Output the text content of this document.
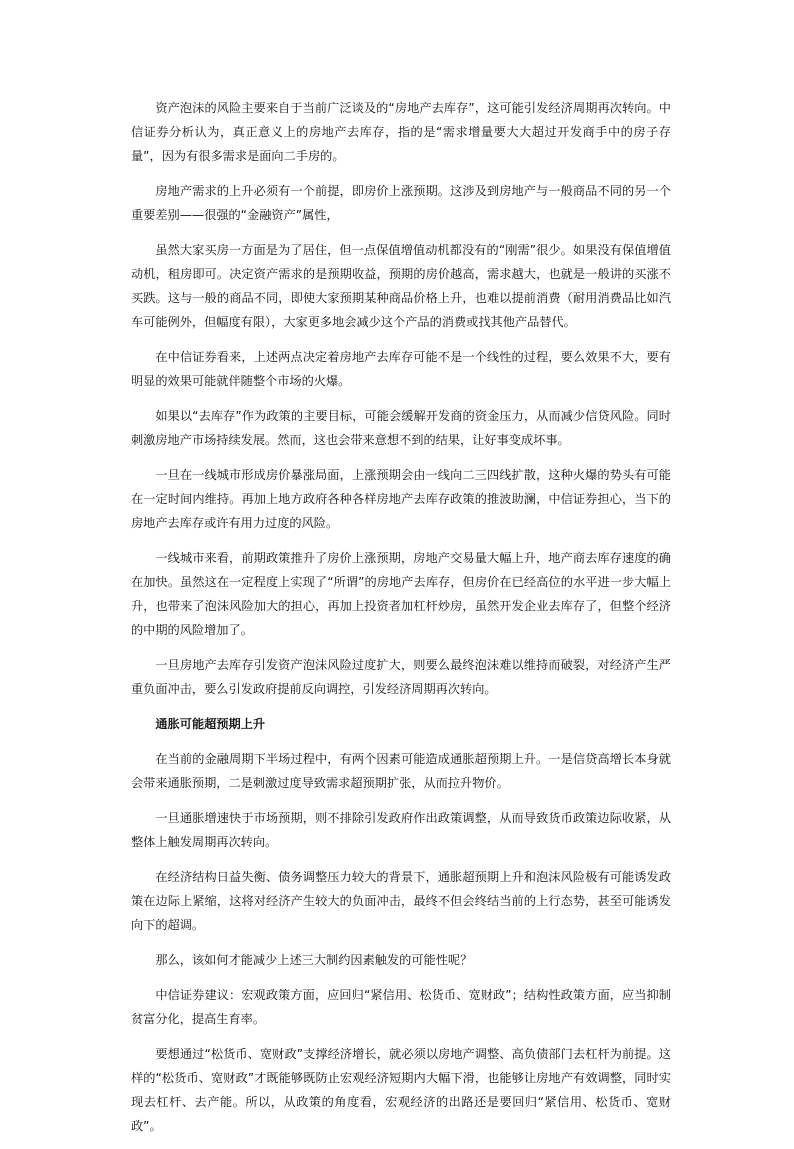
资产泡沫的风险主要来自于当前广泛谈及的“房地产去库存”，这可能引发经济周期再次转向。中信证券分析认为，真正意义上的房地产去库存，指的是“需求增量要大大超过开发商手中的房子存量”，因为有很多需求是面向二手房的。

房地产需求的上升必须有一个前提，即房价上涨预期。这涉及到房地产与一般商品不同的另一个重要差别——很强的“金融资产”属性，

虽然大家买房一方面是为了居住，但一点保值增值动机都没有的“刚需”很少。如果没有保值增值动机，租房即可。决定资产需求的是预期收益，预期的房价越高，需求越大，也就是一般讲的买涨不买跌。这与一般的商品不同，即使大家预期某种商品价格上升，也难以提前消费（耐用消费品比如汽车可能例外，但幅度有限），大家更多地会减少这个产品的消费或找其他产品替代。

在中信证券看来，上述两点决定着房地产去库存可能不是一个线性的过程，要么效果不大，要有明显的效果可能就伴随整个市场的火爆。

如果以“去库存”作为政策的主要目标，可能会缓解开发商的资金压力，从而减少信贷风险。同时刺激房地产市场持续发展。然而，这也会带来意想不到的结果，让好事变成坏事。

一旦在一线城市形成房价暴涨局面，上涨预期会由一线向二三四线扩散，这种火爆的势头有可能在一定时间内维持。再加上地方政府各种各样房地产去库存政策的推波助澜，中信证券担心，当下的房地产去库存或许有用力过度的风险。

一线城市来看，前期政策推升了房价上涨预期，房地产交易量大幅上升，地产商去库存速度的确在加快。虽然这在一定程度上实现了“所谓”的房地产去库存，但房价在已经高位的水平进一步大幅上升，也带来了泡沫风险加大的担心，再加上投资者加杠杆炒房，虽然开发企业去库存了，但整个经济的中期的风险增加了。

一旦房地产去库存引发资产泡沫风险过度扩大，则要么最终泡沫难以维持而破裂，对经济产生严重负面冲击，要么引发政府提前反向调控，引发经济周期再次转向。

通胀可能超预期上升

在当前的金融周期下半场过程中，有两个因素可能造成通胀超预期上升。一是信贷高增长本身就会带来通胀预期，二是刺激过度导致需求超预期扩张，从而拉升物价。

一旦通胀增速快于市场预期，则不排除引发政府作出政策调整，从而导致货币政策边际收紧，从整体上触发周期再次转向。

在经济结构日益失衡、债务调整压力较大的背景下，通胀超预期上升和泡沫风险极有可能诱发政策在边际上紧缩，这将对经济产生较大的负面冲击，最终不但会终结当前的上行态势，甚至可能诱发向下的超调。

那么，该如何才能减少上述三大制约因素触发的可能性呢？

中信证券建议：宏观政策方面，应回归“紧信用、松货币、宽财政”；结构性政策方面，应当抑制贫富分化，提高生育率。

要想通过“松货币、宽财政”支撑经济增长，就必须以房地产调整、高负债部门去杠杆为前提。这样的“松货币、宽财政”才既能够既防止宏观经济短期内大幅下滑，也能够让房地产有效调整，同时实现去杠杆、去产能。所以，从政策的角度看，宏观经济的出路还是要回归“紧信用、松货币、宽财政”。
